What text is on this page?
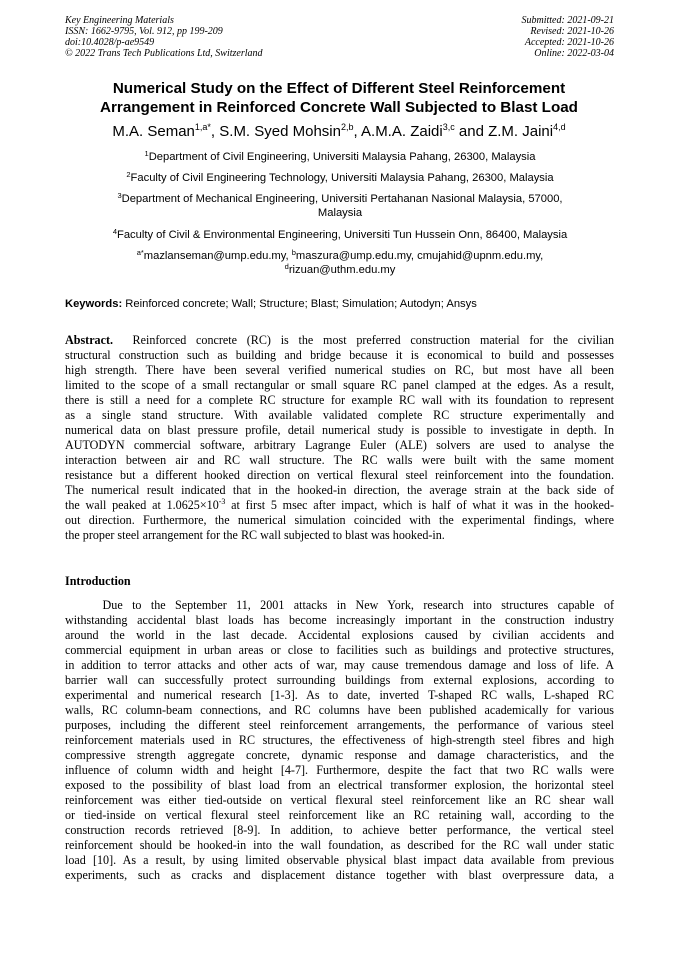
Key Engineering Materials
ISSN: 1662-9795, Vol. 912, pp 199-209
doi:10.4028/p-ae9549
© 2022 Trans Tech Publications Ltd, Switzerland
Submitted: 2021-09-21
Revised: 2021-10-26
Accepted: 2021-10-26
Online: 2022-03-04
Numerical Study on the Effect of Different Steel Reinforcement
Arrangement in Reinforced Concrete Wall Subjected to Blast Load
M.A. Seman$^{1,a*}$, S.M. Syed Mohsin$^{2,b}$, A.M.A. Zaidi$^{3,c}$ and Z.M. Jaini$^{4,d}$
$^1$Department of Civil Engineering, Universiti Malaysia Pahang, 26300, Malaysia
$^2$Faculty of Civil Engineering Technology, Universiti Malaysia Pahang, 26300, Malaysia
$^3$Department of Mechanical Engineering, Universiti Pertahanan Nasional Malaysia, 57000,
Malaysia
$^4$Faculty of Civil & Environmental Engineering, Universiti Tun Hussein Onn, 86400, Malaysia
$^{a*}$mazlanseman@ump.edu.my, $^b$maszura@ump.edu.my, cmujahid@upnm.edu.my,
$^d$rizuan@uthm.edu.my
Keywords: Reinforced concrete; Wall; Structure; Blast; Simulation; Autodyn; Ansys
Abstract.  Reinforced concrete (RC) is the most preferred construction material for the civilian
structural construction such as building and bridge because it is economical to build and possesses
high strength. There have been several verified numerical studies on RC, but most have all been
limited to the scope of a small rectangular or small square RC panel clamped at the edges. As a result,
there is still a need for a complete RC structure for example RC wall with its foundation to represent
as a single stand structure. With available validated complete RC structure experimentally and
numerical data on blast pressure profile, detail numerical study is possible to investigate in depth. In
AUTODYN commercial software, arbitrary Lagrange Euler (ALE) solvers are used to analyse the
interaction between air and RC wall structure. The RC walls were built with the same moment
resistance but a different hooked direction on vertical flexural steel reinforcement into the foundation.
The numerical result indicated that in the hooked-in direction, the average strain at the back side of
the wall peaked at $1.0625\times 10^{-3}$ at first 5 msec after impact, which is half of what it was in the hooked-
out direction. Furthermore, the numerical simulation coincided with the experimental findings, where
the proper steel arrangement for the RC wall subjected to blast was hooked-in.
Introduction
Due to the September 11, 2001 attacks in New York, research into structures capable of
withstanding accidental blast loads has become increasingly important in the construction industry
around the world in the last decade. Accidental explosions caused by civilian accidents and
commercial equipment in urban areas or close to facilities such as buildings and protective structures,
in addition to terror attacks and other acts of war, may cause tremendous damage and loss of life. A
barrier wall can successfully protect surrounding buildings from external explosions, according to
experimental and numerical research [1-3]. As to date, inverted T-shaped RC walls, L-shaped RC
walls, RC column-beam connections, and RC columns have been published academically for various
purposes, including the different steel reinforcement arrangements, the performance of various steel
reinforcement materials used in RC structures, the effectiveness of high-strength steel fibres and high
compressive strength aggregate concrete, dynamic response and damage characteristics, and the
influence of column width and height [4-7]. Furthermore, despite the fact that two RC walls were
exposed to the possibility of blast load from an electrical transformer explosion, the horizontal steel
reinforcement was either tied-outside on vertical flexural steel reinforcement like an RC shear wall
or tied-inside on vertical flexural steel reinforcement like an RC retaining wall, according to the
construction records retrieved [8-9]. In addition, to achieve better performance, the vertical steel
reinforcement should be hooked-in into the wall foundation, as described for the RC wall under static
load [10]. As a result, by using limited observable physical blast impact data available from previous
experiments, such as cracks and displacement distance together with blast overpressure data, a
